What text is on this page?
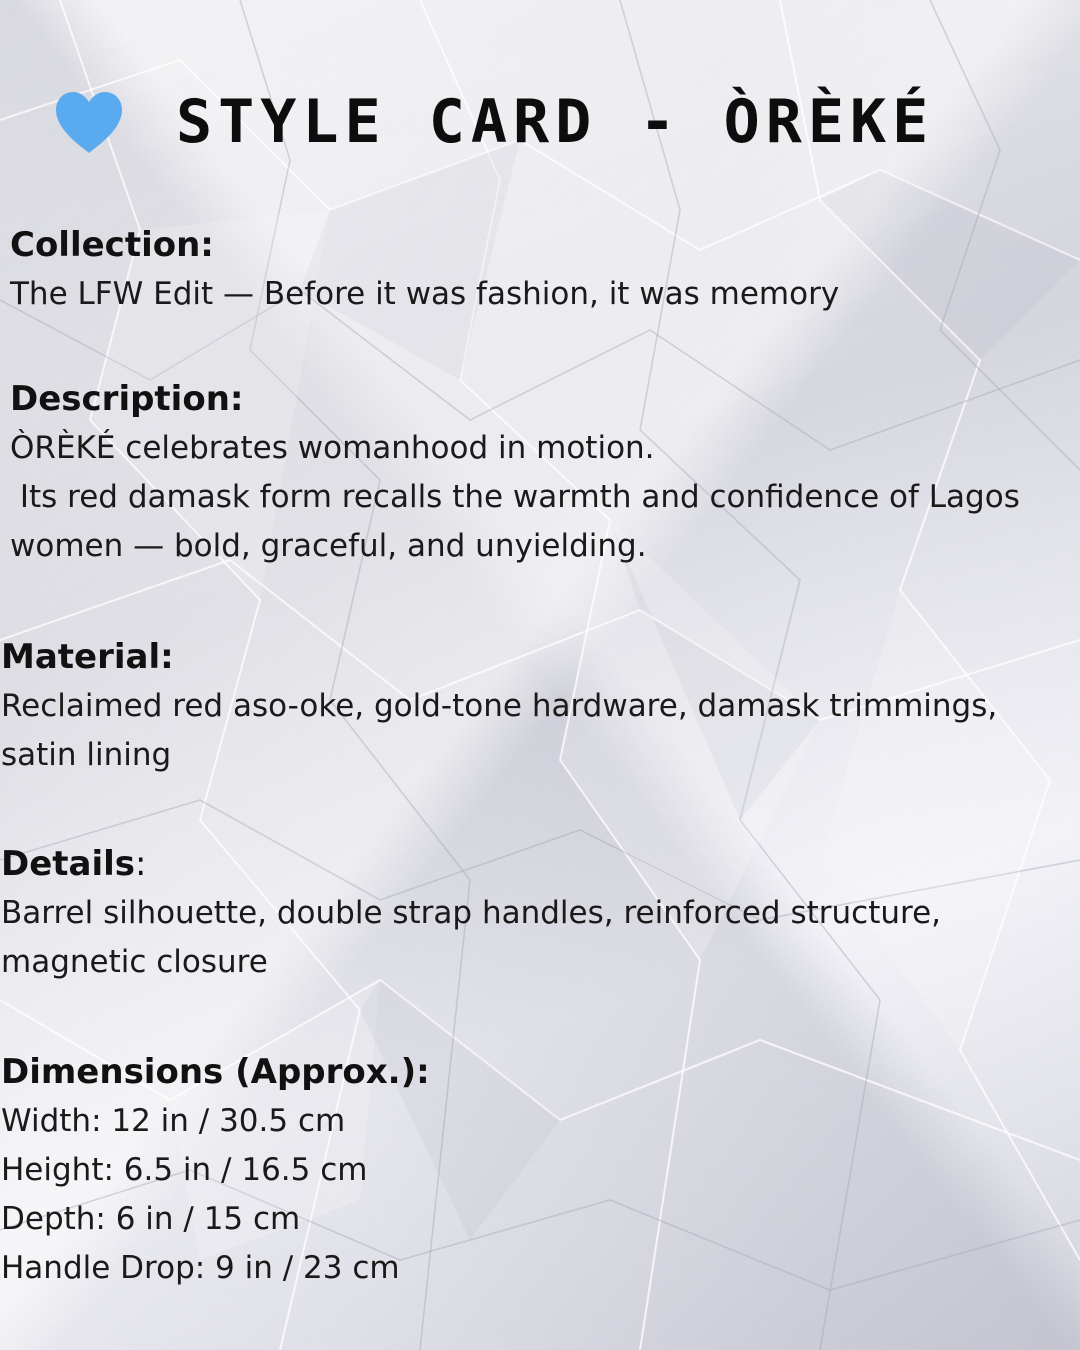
STYLE CARD - ÒRÈKÉ
Collection:
The LFW Edit — Before it was fashion, it was memory
Description:
ÒRÈKÉ celebrates womanhood in motion.
Its red damask form recalls the warmth and confidence of Lagos
women — bold, graceful, and unyielding.
Material:
Reclaimed red aso-oke, gold-tone hardware, damask trimmings,
satin lining
Details:
Barrel silhouette, double strap handles, reinforced structure,
magnetic closure
Dimensions (Approx.):
Width: 12 in / 30.5 cm
Height: 6.5 in / 16.5 cm
Depth: 6 in / 15 cm
Handle Drop: 9 in / 23 cm
